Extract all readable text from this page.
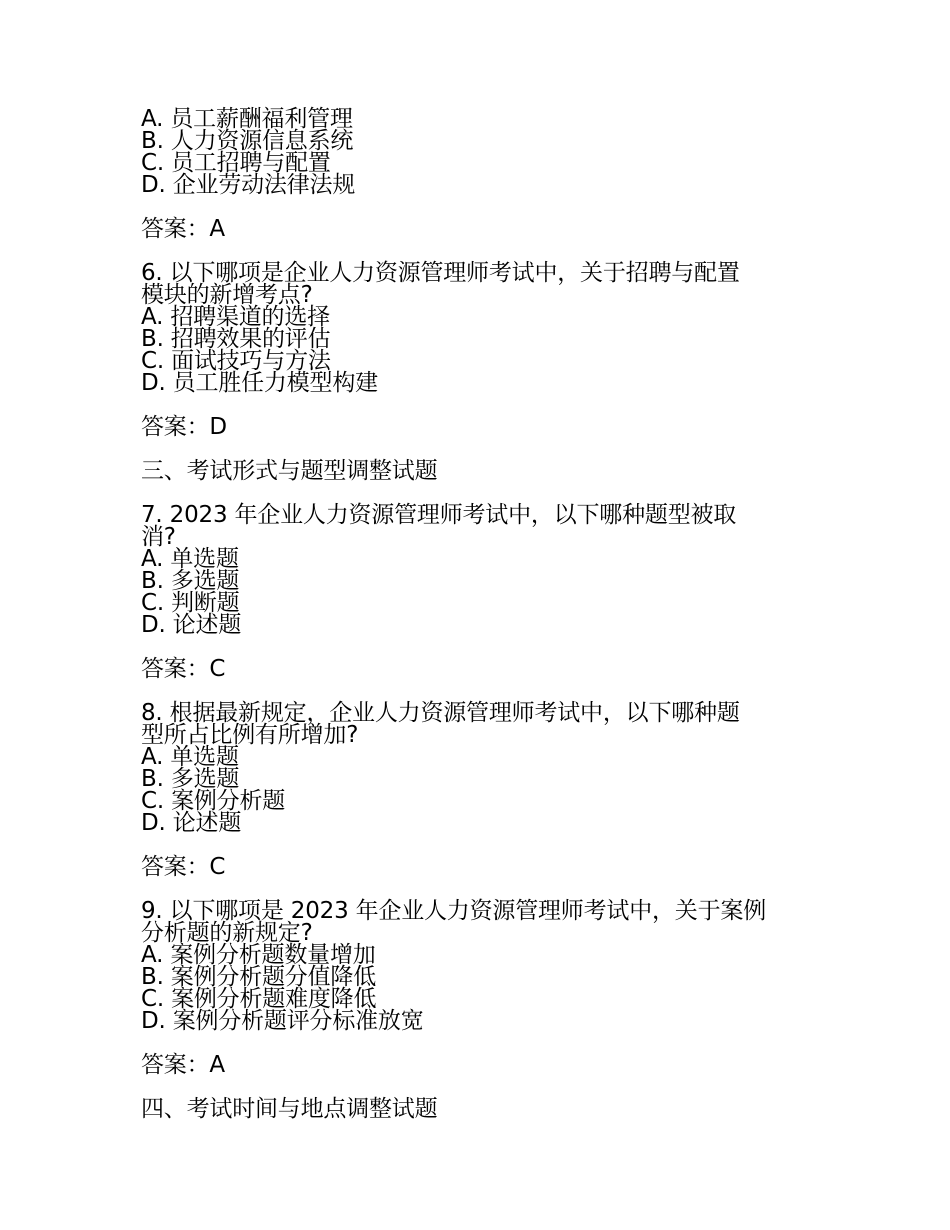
A. 员工薪酬福利管理
B. 人力资源信息系统
C. 员工招聘与配置
D. 企业劳动法律法规
答案：A
6. 以下哪项是企业人力资源管理师考试中，关于招聘与配置
模块的新增考点?
A. 招聘渠道的选择
B. 招聘效果的评估
C. 面试技巧与方法
D. 员工胜任力模型构建
答案：D
三、考试形式与题型调整试题
7. 2023 年企业人力资源管理师考试中，以下哪种题型被取
消?
A. 单选题
B. 多选题
C. 判断题
D. 论述题
答案：C
8. 根据最新规定，企业人力资源管理师考试中，以下哪种题
型所占比例有所增加?
A. 单选题
B. 多选题
C. 案例分析题
D. 论述题
答案：C
9. 以下哪项是 2023 年企业人力资源管理师考试中，关于案例
分析题的新规定?
A. 案例分析题数量增加
B. 案例分析题分值降低
C. 案例分析题难度降低
D. 案例分析题评分标准放宽
答案：A
四、考试时间与地点调整试题
